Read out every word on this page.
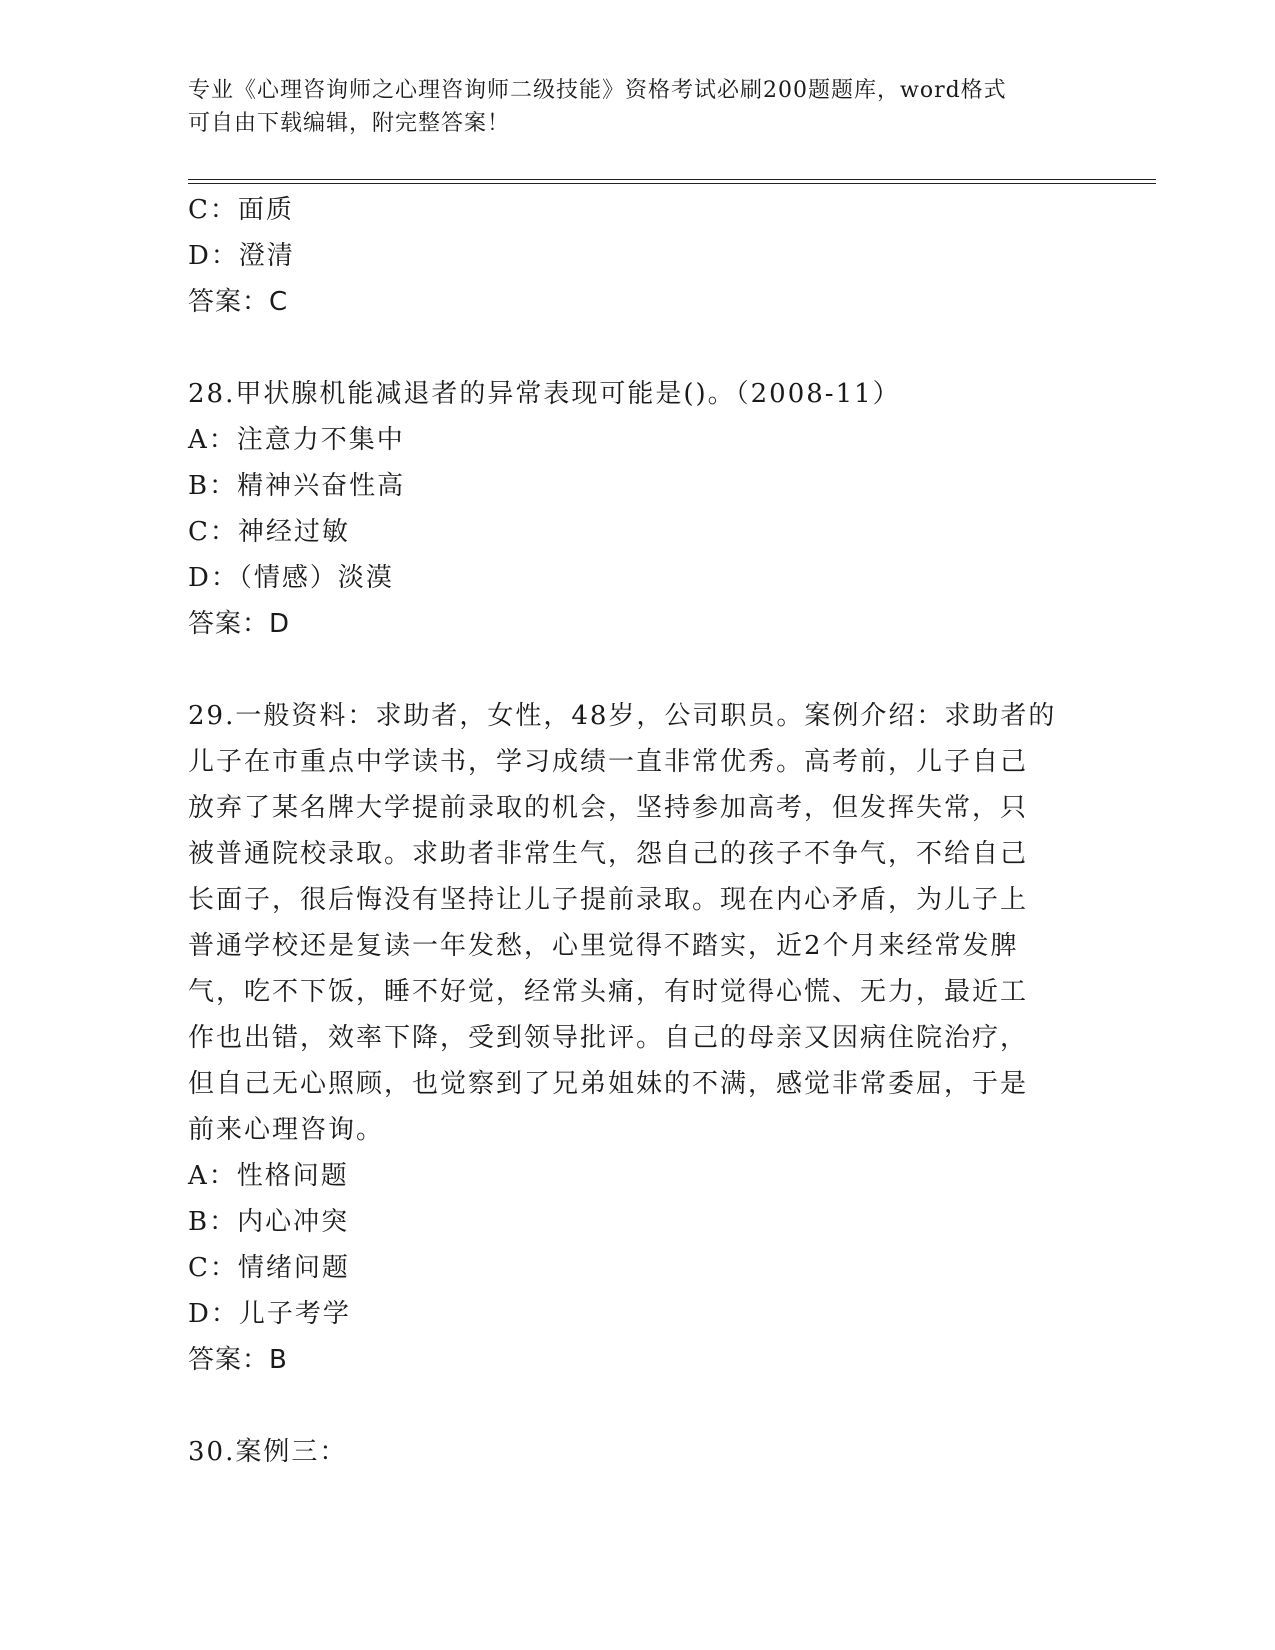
专业《心理咨询师之心理咨询师二级技能》资格考试必刷200题题库，word格式
可自由下载编辑，附完整答案！
C：面质
D：澄清
答案：C
28.甲状腺机能减退者的异常表现可能是()。（2008-11）
A：注意力不集中
B：精神兴奋性高
C：神经过敏
D：（情感）淡漠
答案：D
29.一般资料：求助者，女性，48岁，公司职员。案例介绍：求助者的
儿子在市重点中学读书，学习成绩一直非常优秀。高考前，儿子自己
放弃了某名牌大学提前录取的机会，坚持参加高考，但发挥失常，只
被普通院校录取。求助者非常生气，怨自己的孩子不争气，不给自己
长面子，很后悔没有坚持让儿子提前录取。现在内心矛盾，为儿子上
普通学校还是复读一年发愁，心里觉得不踏实，近2个月来经常发脾
气，吃不下饭，睡不好觉，经常头痛，有时觉得心慌、无力，最近工
作也出错，效率下降，受到领导批评。自己的母亲又因病住院治疗，
但自己无心照顾，也觉察到了兄弟姐妹的不满，感觉非常委屈，于是
前来心理咨询。
A：性格问题
B：内心冲突
C：情绪问题
D：儿子考学
答案：B
30.案例三：
